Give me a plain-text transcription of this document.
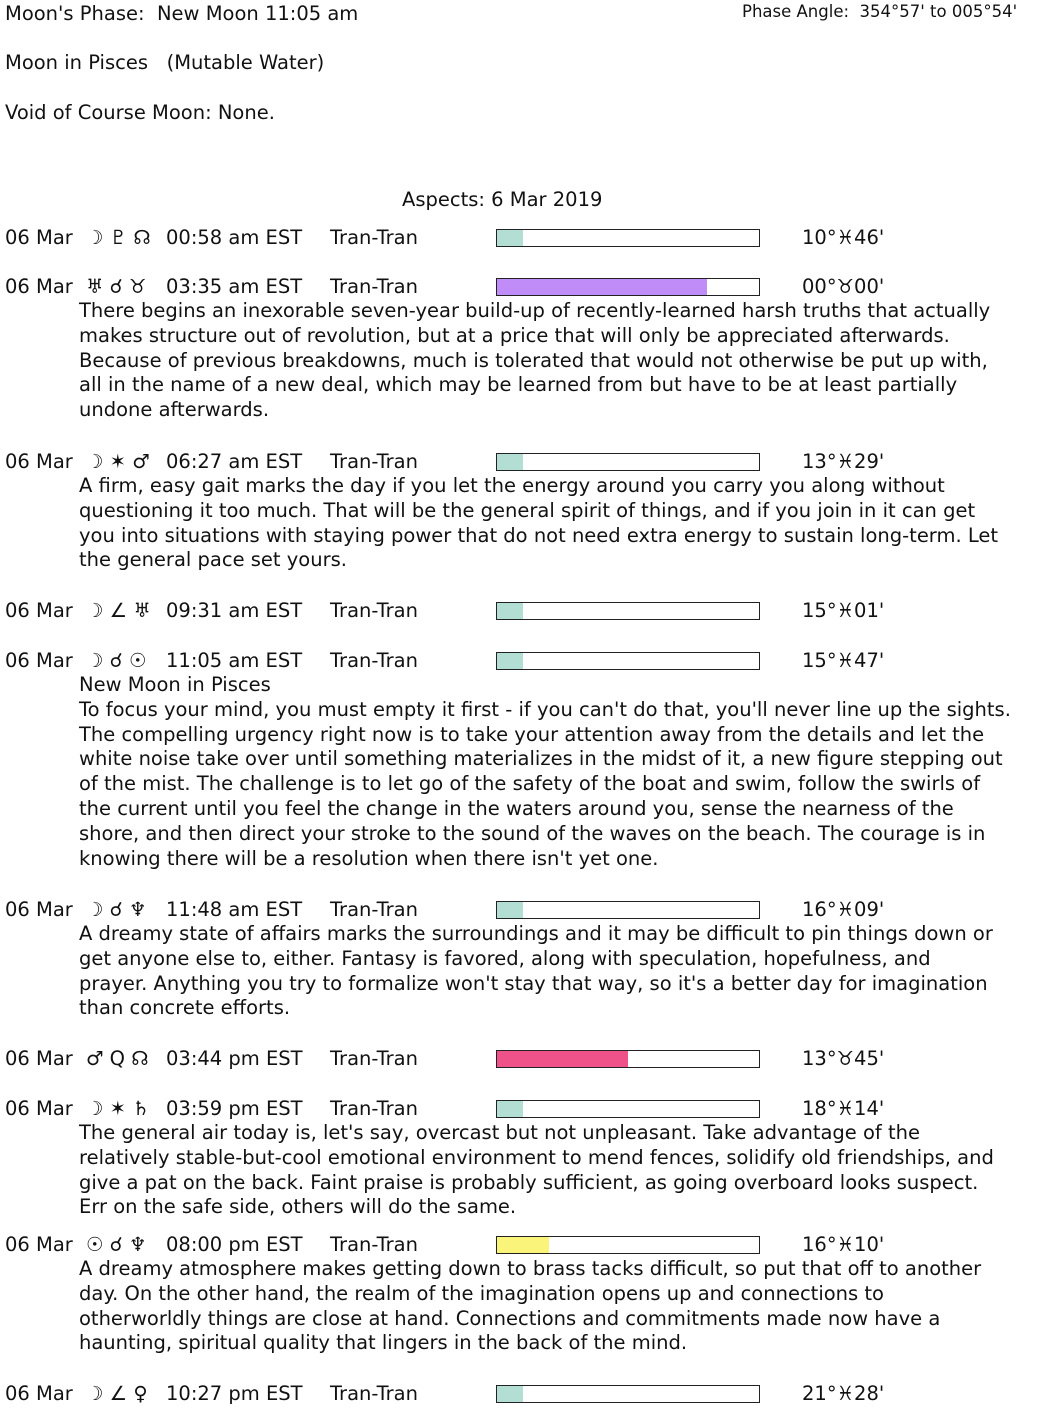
Moon's Phase: New Moon 11:05 am	Phase Angle: 354°57' to 005°54'
Moon in Pisces (Mutable Water)
Void of Course Moon: None.
Aspects: 6 Mar 2019
06 Mar ☽ ♇ ☊ 00:58 am EST Tran-Tran	10°♓46'
06 Mar ♅ ☌ ♉ 03:35 am EST Tran-Tran	00°♉00'
There begins an inexorable seven-year build-up of recently-learned harsh truths that actually
makes structure out of revolution, but at a price that will only be appreciated afterwards.
Because of previous breakdowns, much is tolerated that would not otherwise be put up with,
all in the name of a new deal, which may be learned from but have to be at least partially
undone afterwards.
06 Mar ☽ ✶ ♂ 06:27 am EST Tran-Tran	13°♓29'
A firm, easy gait marks the day if you let the energy around you carry you along without
questioning it too much. That will be the general spirit of things, and if you join in it can get
you into situations with staying power that do not need extra energy to sustain long-term. Let
the general pace set yours.
06 Mar ☽ ∠ ♅ 09:31 am EST Tran-Tran	15°♓01'
06 Mar ☽ ☌ ☉ 11:05 am EST Tran-Tran	15°♓47'
New Moon in Pisces
To focus your mind, you must empty it first - if you can't do that, you'll never line up the sights.
The compelling urgency right now is to take your attention away from the details and let the
white noise take over until something materializes in the midst of it, a new figure stepping out
of the mist. The challenge is to let go of the safety of the boat and swim, follow the swirls of
the current until you feel the change in the waters around you, sense the nearness of the
shore, and then direct your stroke to the sound of the waves on the beach. The courage is in
knowing there will be a resolution when there isn't yet one.
06 Mar ☽ ☌ ♆ 11:48 am EST Tran-Tran	16°♓09'
A dreamy state of affairs marks the surroundings and it may be difficult to pin things down or
get anyone else to, either. Fantasy is favored, along with speculation, hopefulness, and
prayer. Anything you try to formalize won't stay that way, so it's a better day for imagination
than concrete efforts.
06 Mar ♂ Q ☊ 03:44 pm EST Tran-Tran	13°♉45'
06 Mar ☽ ✶ ♄ 03:59 pm EST Tran-Tran	18°♓14'
The general air today is, let's say, overcast but not unpleasant. Take advantage of the
relatively stable-but-cool emotional environment to mend fences, solidify old friendships, and
give a pat on the back. Faint praise is probably sufficient, as going overboard looks suspect.
Err on the safe side, others will do the same.
06 Mar ☉ ☌ ♆ 08:00 pm EST Tran-Tran	16°♓10'
A dreamy atmosphere makes getting down to brass tacks difficult, so put that off to another
day. On the other hand, the realm of the imagination opens up and connections to
otherworldly things are close at hand. Connections and commitments made now have a
haunting, spiritual quality that lingers in the back of the mind.
06 Mar ☽ ∠ ♀ 10:27 pm EST Tran-Tran	21°♓28'
